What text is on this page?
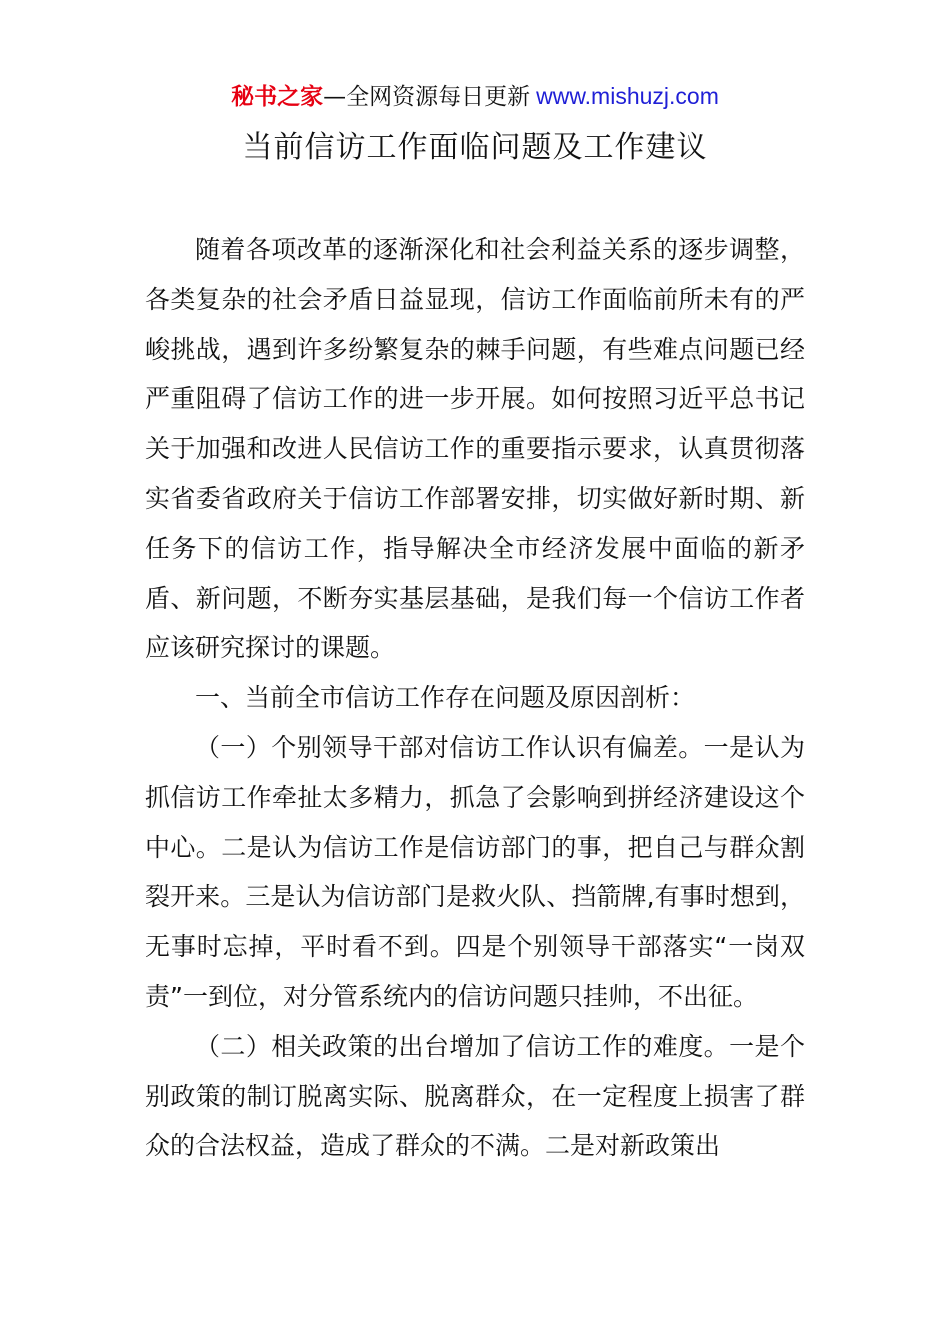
秘书之家—全网资源每日更新 www.mishuzj.com
当前信访工作面临问题及工作建议

随着各项改革的逐渐深化和社会利益关系的逐步调整，各类复杂的社会矛盾日益显现，信访工作面临前所未有的严峻挑战，遇到许多纷繁复杂的棘手问题，有些难点问题已经严重阻碍了信访工作的进一步开展。如何按照习近平总书记关于加强和改进人民信访工作的重要指示要求，认真贯彻落实省委省政府关于信访工作部署安排，切实做好新时期、新任务下的信访工作，指导解决全市经济发展中面临的新矛盾、新问题，不断夯实基层基础，是我们每一个信访工作者应该研究探讨的课题。

一、当前全市信访工作存在问题及原因剖析：

（一）个别领导干部对信访工作认识有偏差。一是认为抓信访工作牵扯太多精力，抓急了会影响到拼经济建设这个中心。二是认为信访工作是信访部门的事，把自己与群众割裂开来。三是认为信访部门是救火队、挡箭牌,有事时想到，无事时忘掉，平时看不到。四是个别领导干部落实“一岗双责”一到位，对分管系统内的信访问题只挂帅，不出征。

（二）相关政策的出台增加了信访工作的难度。一是个别政策的制订脱离实际、脱离群众，在一定程度上损害了群众的合法权益，造成了群众的不满。二是对新政策出
